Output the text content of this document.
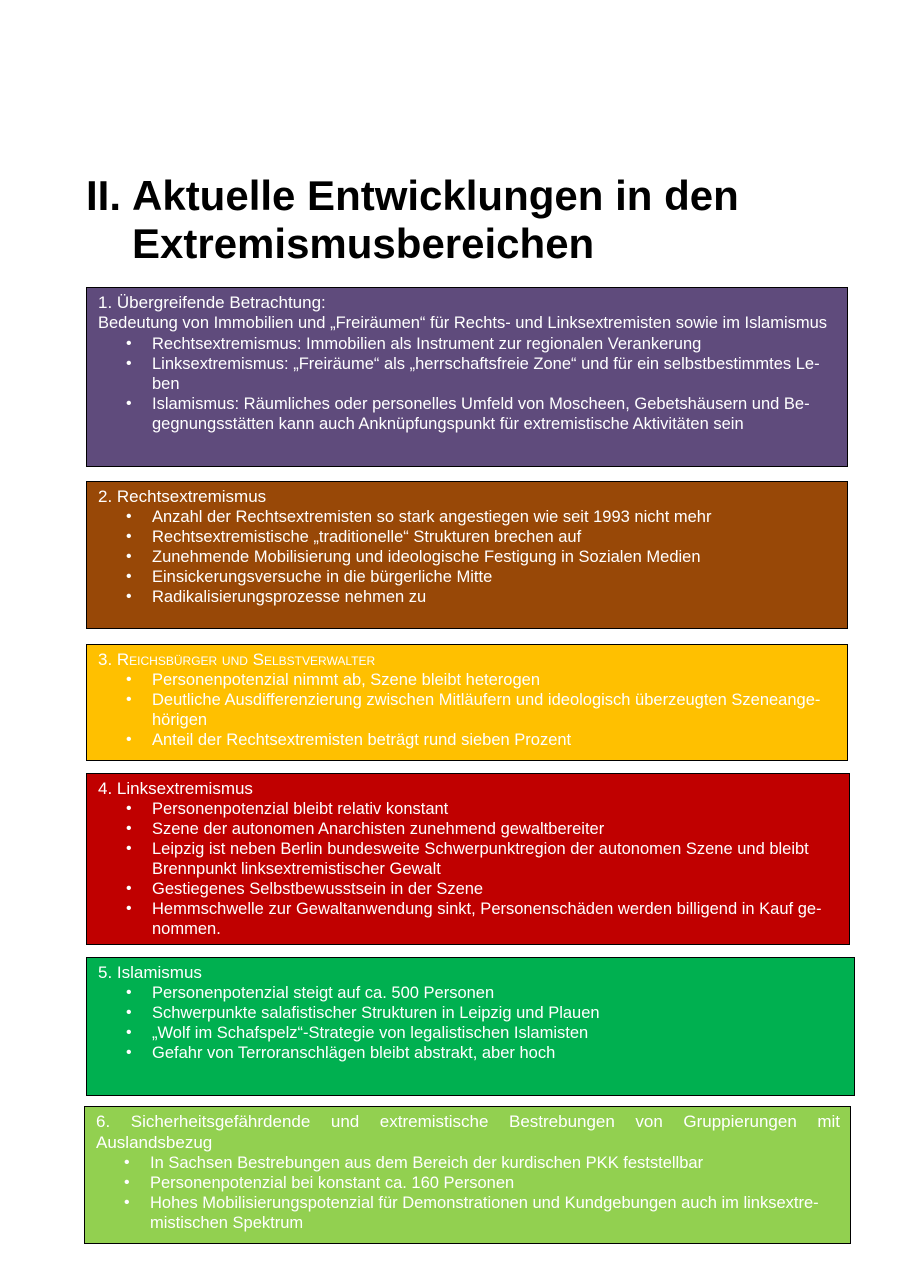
II. Aktuelle Entwicklungen in den
Extremismusbereichen
1. Übergreifende Betrachtung:
Bedeutung von Immobilien und „Freiräumen“ für Rechts- und Linksextremisten sowie im Islamismus
• Rechtsextremismus: Immobilien als Instrument zur regionalen Verankerung
• Linksextremismus: „Freiräume“ als „herrschaftsfreie Zone“ und für ein selbstbestimmtes Le-ben
• Islamismus: Räumliches oder personelles Umfeld von Moscheen, Gebetshäusern und Be-gegnungsstätten kann auch Anknüpfungspunkt für extremistische Aktivitäten sein
2. Rechtsextremismus
• Anzahl der Rechtsextremisten so stark angestiegen wie seit 1993 nicht mehr
• Rechtsextremistische „traditionelle“ Strukturen brechen auf
• Zunehmende Mobilisierung und ideologische Festigung in Sozialen Medien
• Einsickerungsversuche in die bürgerliche Mitte
• Radikalisierungsprozesse nehmen zu
3. Reichsbürger und Selbstverwalter
• Personenpotenzial nimmt ab, Szene bleibt heterogen
• Deutliche Ausdifferenzierung zwischen Mitläufern und ideologisch überzeugten Szeneange-hörigen
• Anteil der Rechtsextremisten beträgt rund sieben Prozent
4. Linksextremismus
• Personenpotenzial bleibt relativ konstant
• Szene der autonomen Anarchisten zunehmend gewaltbereiter
• Leipzig ist neben Berlin bundesweite Schwerpunktregion der autonomen Szene und bleibt Brennpunkt linksextremistischer Gewalt
• Gestiegenes Selbstbewusstsein in der Szene
• Hemmschwelle zur Gewaltanwendung sinkt, Personenschäden werden billigend in Kauf ge-nommen.
5. Islamismus
• Personenpotenzial steigt auf ca. 500 Personen
• Schwerpunkte salafistischer Strukturen in Leipzig und Plauen
• „Wolf im Schafspelz“-Strategie von legalistischen Islamisten
• Gefahr von Terroranschlägen bleibt abstrakt, aber hoch
6. Sicherheitsgefährdende und extremistische Bestrebungen von Gruppierungen mit Auslandsbezug
• In Sachsen Bestrebungen aus dem Bereich der kurdischen PKK feststellbar
• Personenpotenzial bei konstant ca. 160 Personen
• Hohes Mobilisierungspotenzial für Demonstrationen und Kundgebungen auch im linksextre-mistischen Spektrum
